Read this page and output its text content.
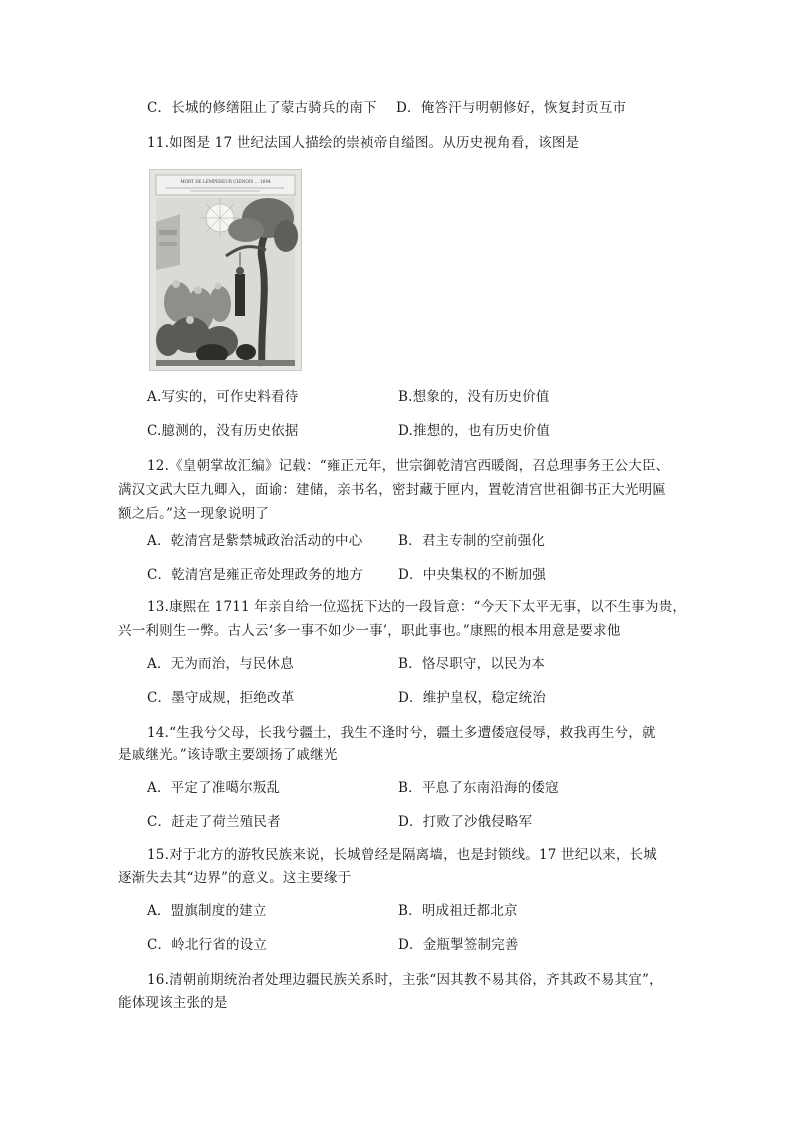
C．长城的修缮阻止了蒙古骑兵的南下 D．俺答汗与明朝修好，恢复封贡互市
11.如图是 17 世纪法国人描绘的崇祯帝自缢图。从历史视角看，该图是
MORT DE LEMPEREUR CHINOIS ... 1644
A.写实的，可作史料看待	B.想象的，没有历史价值
C.臆测的，没有历史依据	D.推想的，也有历史价值
12.《皇朝掌故汇编》记载：“雍正元年，世宗御乾清宫西暖阁，召总理事务王公大臣、
满汉文武大臣九卿入，面谕：建储，亲书名，密封藏于匣内，置乾清宫世祖御书正大光明匾
额之后。”这一现象说明了
A．乾清宫是紫禁城政治活动的中心	B．君主专制的空前强化
C．乾清宫是雍正帝处理政务的地方	D．中央集权的不断加强
13.康熙在 1711 年亲自给一位巡抚下达的一段旨意：“今天下太平无事，以不生事为贵，
兴一利则生一弊。古人云‘多一事不如少一事’，职此事也。”康熙的根本用意是要求他
A．无为而治，与民休息	B．恪尽职守，以民为本
C．墨守成规，拒绝改革	D．维护皇权，稳定统治
14.“生我兮父母，长我兮疆土，我生不逢时兮，疆土多遭倭寇侵辱，救我再生兮，就
是戚继光。”该诗歌主要颂扬了戚继光
A．平定了准噶尔叛乱	B．平息了东南沿海的倭寇
C．赶走了荷兰殖民者	D．打败了沙俄侵略军
15.对于北方的游牧民族来说，长城曾经是隔离墙，也是封锁线。17 世纪以来，长城
逐渐失去其“边界”的意义。这主要缘于
A．盟旗制度的建立	B．明成祖迁都北京
C．岭北行省的设立	D．金瓶掣签制完善
16.清朝前期统治者处理边疆民族关系时，主张“因其教不易其俗，齐其政不易其宜”，
能体现该主张的是
